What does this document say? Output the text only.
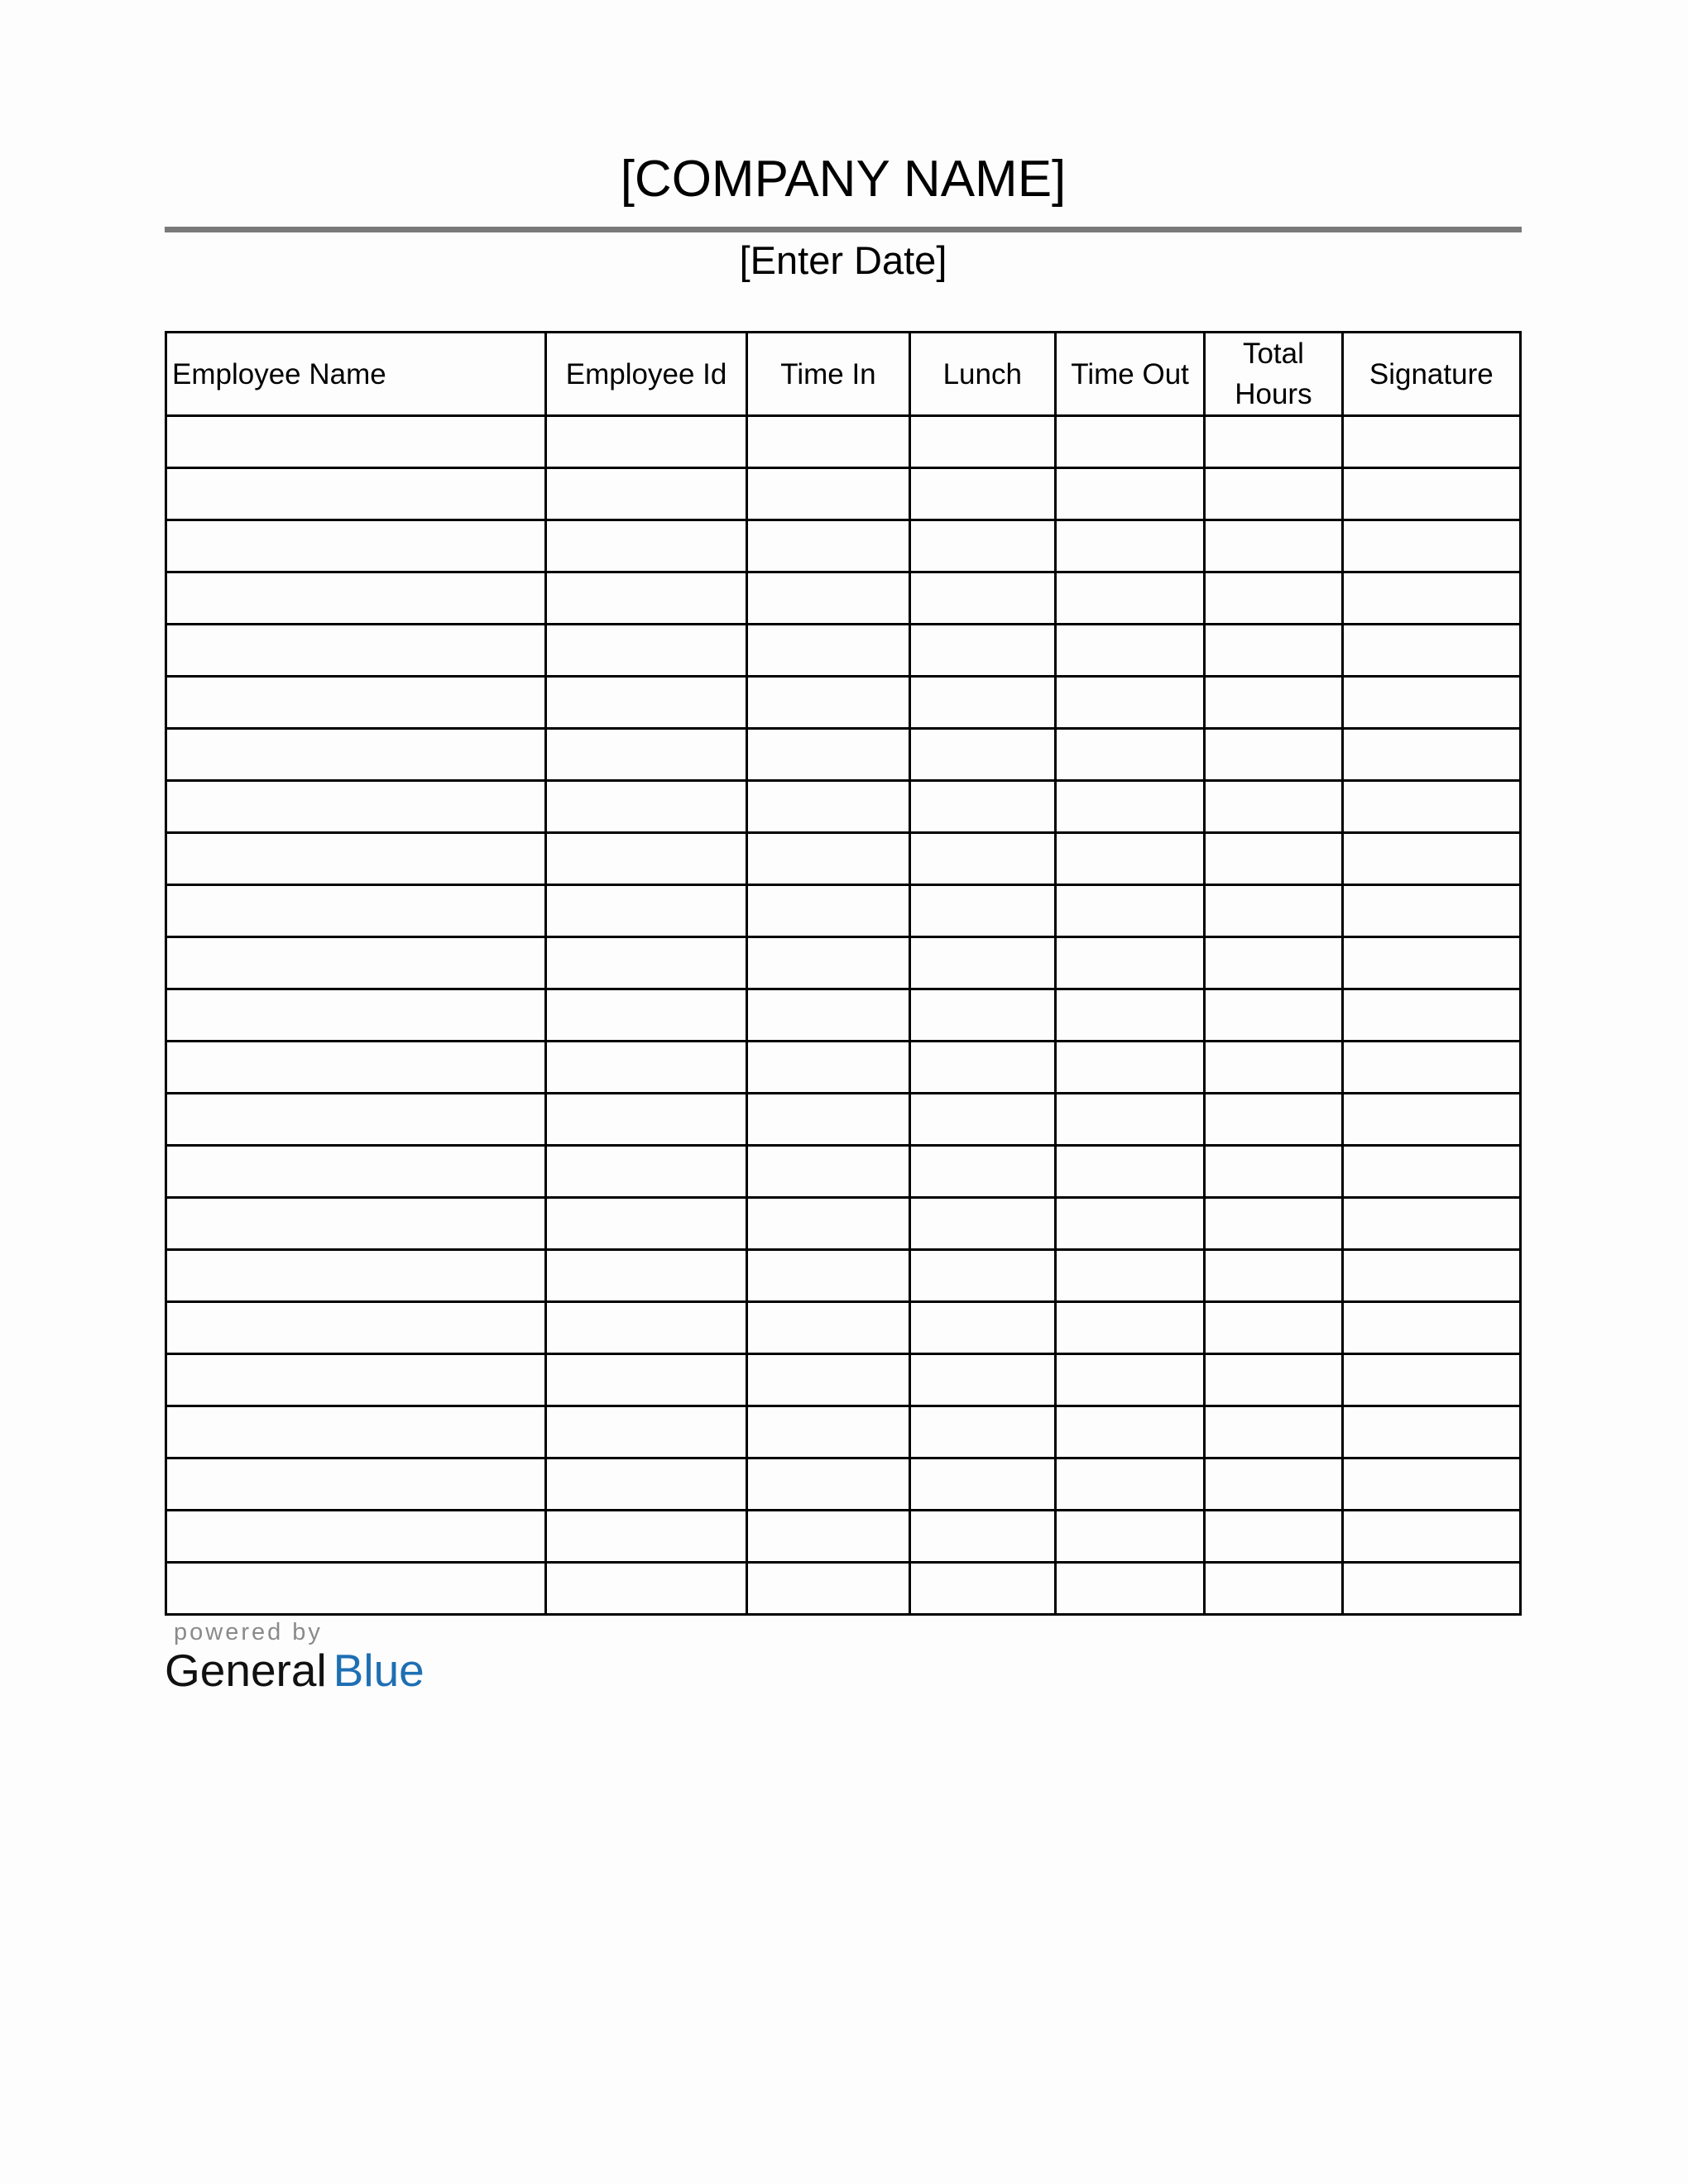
[COMPANY NAME]
[Enter Date]
Employee Name	Employee Id	Time In	Lunch	Time Out	Total Hours	Signature

powered by
General Blue
